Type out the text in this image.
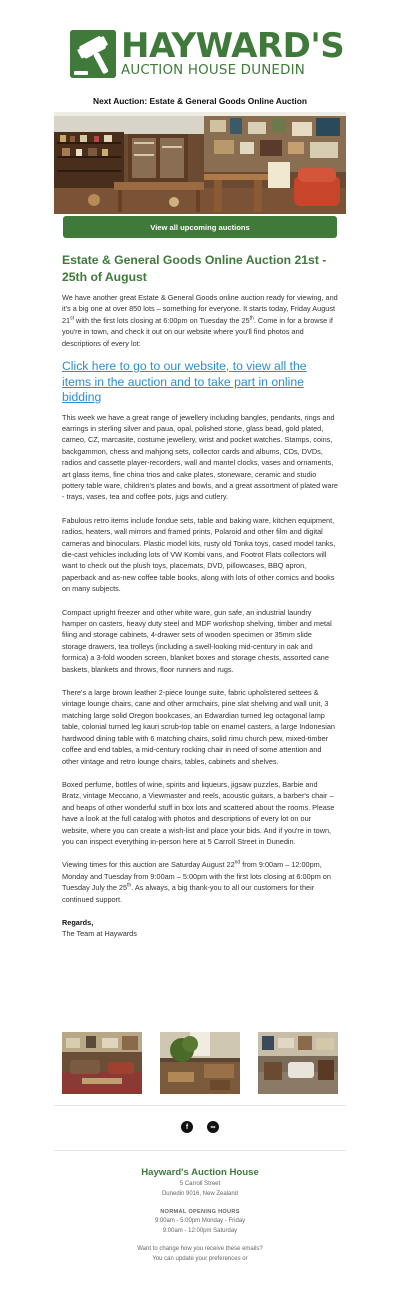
HAYWARD'S
AUCTION HOUSE DUNEDIN
Next Auction: Estate & General Goods Online Auction
View all upcoming auctions
Estate & General Goods Online Auction 21st - 25th of August

We have another great Estate & General Goods online auction ready for viewing, and it's a big one at over 850 lots – something for everyone. It starts today, Friday August 21st with the first lots closing at 6:00pm on Tuesday the 25th. Come in for a browse if you're in town, and check it out on our website where you'll find photos and descriptions of every lot:

Click here to go to our website, to view all the items in the auction and to take part in online bidding

This week we have a great range of jewellery including bangles, pendants, rings and earrings in sterling silver and paua, opal, polished stone, glass bead, gold plated, cameo, CZ, marcasite, costume jewellery, wrist and pocket watches. Stamps, coins, backgammon, chess and mahjong sets, collector cards and albums, CDs, DVDs, radios and cassette player-recorders, wall and mantel clocks, vases and ornaments, art glass items, fine china trios and cake plates, stoneware, ceramic and studio pottery table ware, children's plates and bowls, and a great assortment of plated ware - trays, vases, tea and coffee pots, jugs and cutlery.

Fabulous retro items include fondue sets, table and baking ware, kitchen equipment, radios, heaters, wall mirrors and framed prints, Polaroid and other film and digital cameras and binoculars. Plastic model kits, rusty old Tonka toys, cased model tanks, die-cast vehicles including lots of VW Kombi vans, and Footrot Flats collectors will want to check out the plush toys, placemats, DVD, pillowcases, BBQ apron, paperback and as-new coffee table books, along with lots of other comics and books on many subjects.

Compact upright freezer and other white ware, gun safe, an industrial laundry hamper on casters, heavy duty steel and MDF workshop shelving, timber and metal filing and storage cabinets, 4-drawer sets of wooden specimen or 35mm slide storage drawers, tea trolleys (including a swell-looking mid-century in oak and formica) a 3-fold wooden screen, blanket boxes and storage chests, assorted cane baskets, blankets and throws, floor runners and rugs.

There's a large brown leather 2-piece lounge suite, fabric upholstered settees & vintage lounge chairs, cane and other armchairs, pine slat shelving and wall unit, 3 matching large solid Oregon bookcases, an Edwardian turned leg octagonal lamp table, colonial turned leg kauri scrub-top table on enamel casters, a large Indonesian hardwood dining table with 6 matching chairs, solid rimu church pew, mixed-timber coffee and end tables, a mid-century rocking chair in need of some attention and other vintage and retro lounge chairs, tables, cabinets and shelves.

Boxed perfume, bottles of wine, spirits and liqueurs, jigsaw puzzles, Barbie and Bratz, vintage Meccano, a Viewmaster and reels, acoustic guitars, a barber's chair – and heaps of other wonderful stuff in box lots and scattered about the rooms. Please have a look at the full catalog with photos and descriptions of every lot on our website, where you can create a wish-list and place your bids. And if you're in town, you can inspect everything in-person here at 5 Carroll Street in Dunedin.

Viewing times for this auction are Saturday August 22nd from 9:00am – 12:00pm, Monday and Tuesday from 9:00am – 5:00pm with the first lots closing at 6:00pm on Tuesday July the 25th. As always, a big thank-you to all our customers for their continued support.

Regards,
The Team at Haywards
f	∞
Hayward's Auction House
5 Carroll Street
Dunedin 9016, New Zealand
NORMAL OPENING HOURS
9:00am - 5:00pm Monday - Friday
9:00am - 12:00pm Saturday
Want to change how you receive these emails?
You can update your preferences or
